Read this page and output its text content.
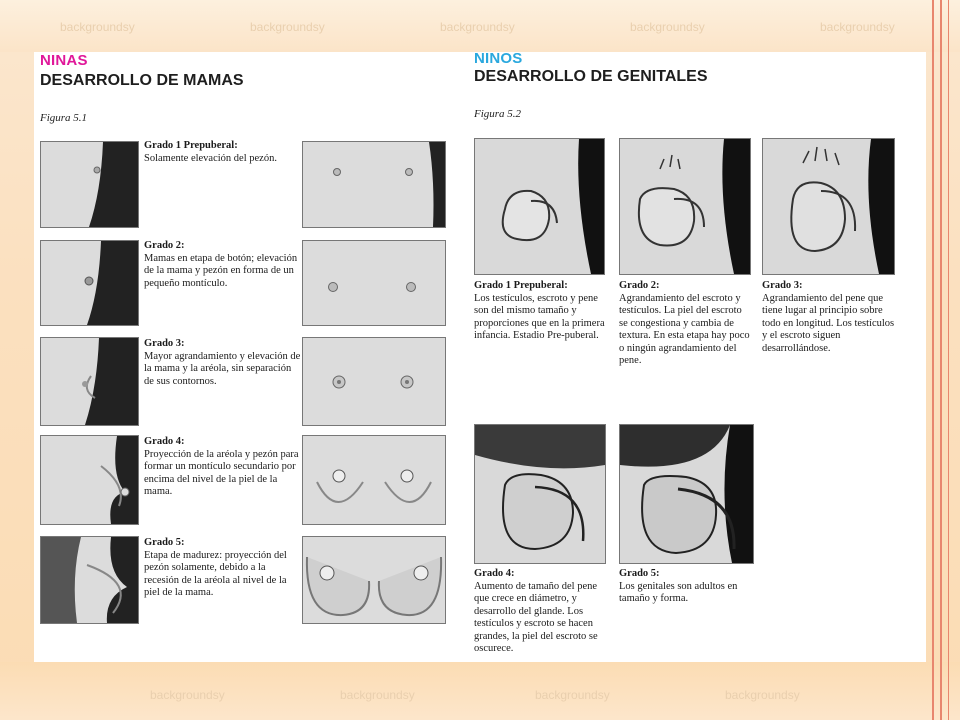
backgroundsy	backgroundsy	backgroundsy	backgroundsy	backgroundsy
backgroundsy	backgroundsy	backgroundsy	backgroundsy
NINAS
DESARROLLO DE MAMAS
Figura 5.1
Grado 1 Prepuberal:
Solamente elevación del pezón.
Grado 2:
Mamas en etapa de botón; elevación de la mama y pezón en forma de un pequeño montículo.
Grado 3:
Mayor agrandamiento y elevación de la mama y la aréola, sin separación de sus contornos.
Grado 4:
Proyección de la aréola y pezón para formar un montículo secundario por encima del nivel de la piel de la mama.
Grado 5:
Etapa de madurez: proyección del pezón solamente, debido a la recesión de la aréola al nivel de la piel de la mama.
NINOS
DESARROLLO DE GENITALES
Figura 5.2
Grado 1 Prepuberal:
Los testículos, escroto y pene son del mismo tamaño y proporciones que en la primera infancia. Estadio Pre-puberal.
Grado 2:
Agrandamiento del escroto y testículos. La piel del escroto se congestiona y cambia de textura. En esta etapa hay poco o ningún agrandamiento del pene.
Grado 3:
Agrandamiento del pene que tiene lugar al principio sobre todo en longitud. Los testículos y el escroto siguen desarrollándose.
Grado 4:
Aumento de tamaño del pene que crece en diámetro, y desarrollo del glande. Los testículos y escroto se hacen grandes, la piel del escroto se oscurece.
Grado 5:
Los genitales son adultos en tamaño y forma.
